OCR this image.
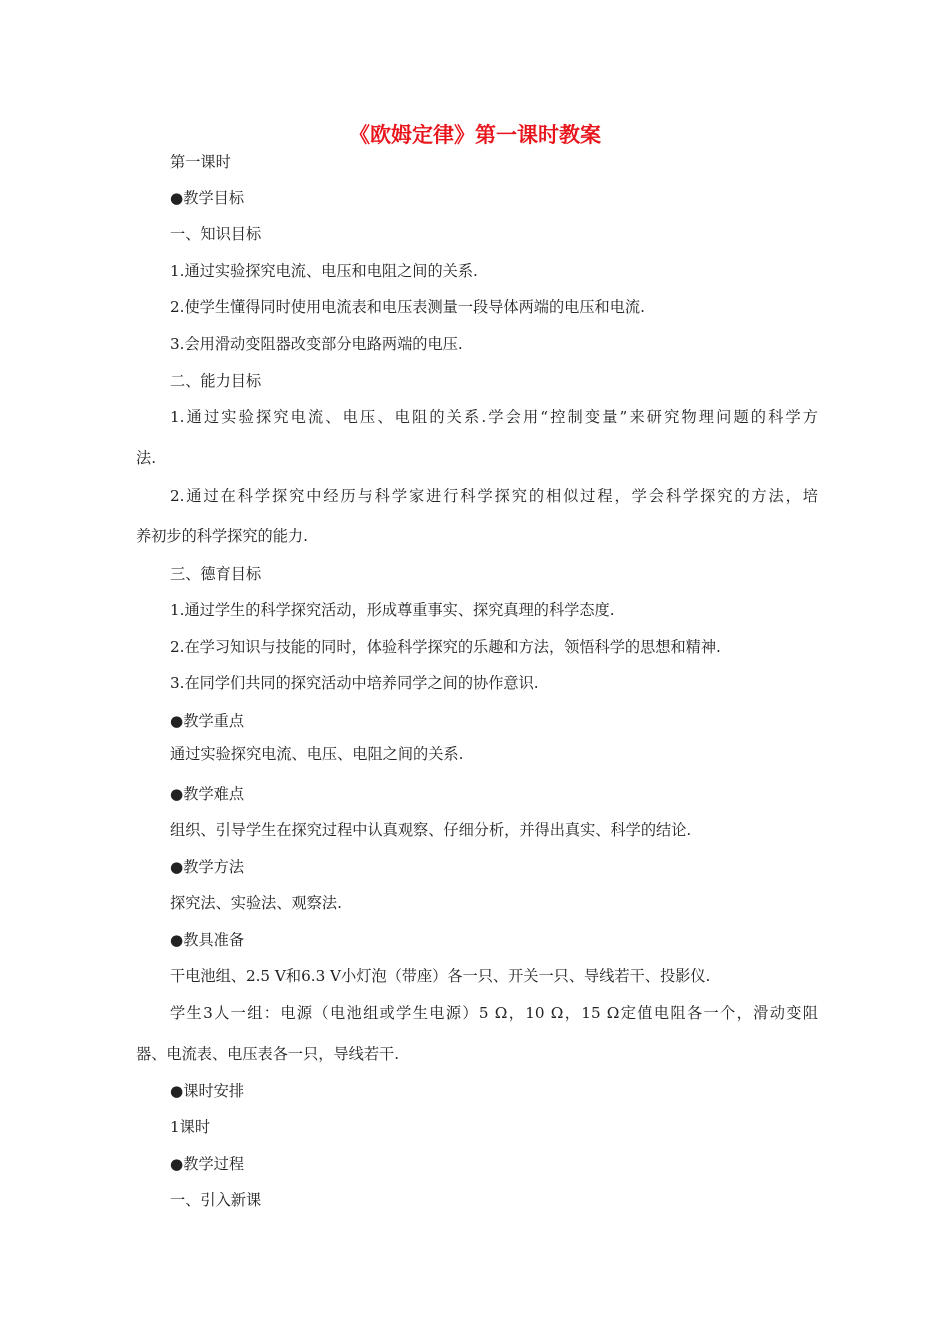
《欧姆定律》第一课时教案
第一课时
●教学目标
一、知识目标
1.通过实验探究电流、电压和电阻之间的关系.
2.使学生懂得同时使用电流表和电压表测量一段导体两端的电压和电流.
3.会用滑动变阻器改变部分电路两端的电压.
二、能力目标
1.通过实验探究电流、电压、电阻的关系.学会用“控制变量”来研究物理问题的科学方
法.
2.通过在科学探究中经历与科学家进行科学探究的相似过程，学会科学探究的方法，培
养初步的科学探究的能力.
三、德育目标
1.通过学生的科学探究活动，形成尊重事实、探究真理的科学态度.
2.在学习知识与技能的同时，体验科学探究的乐趣和方法，领悟科学的思想和精神.
3.在同学们共同的探究活动中培养同学之间的协作意识.
●教学重点
通过实验探究电流、电压、电阻之间的关系.
●教学难点
组织、引导学生在探究过程中认真观察、仔细分析，并得出真实、科学的结论.
●教学方法
探究法、实验法、观察法.
●教具准备
干电池组、2.5 V和6.3 V小灯泡（带座）各一只、开关一只、导线若干、投影仪.
学生3人一组：电源（电池组或学生电源）5 Ω，10 Ω，15 Ω定值电阻各一个，滑动变阻
器、电流表、电压表各一只，导线若干.
●课时安排
1课时
●教学过程
一、引入新课
